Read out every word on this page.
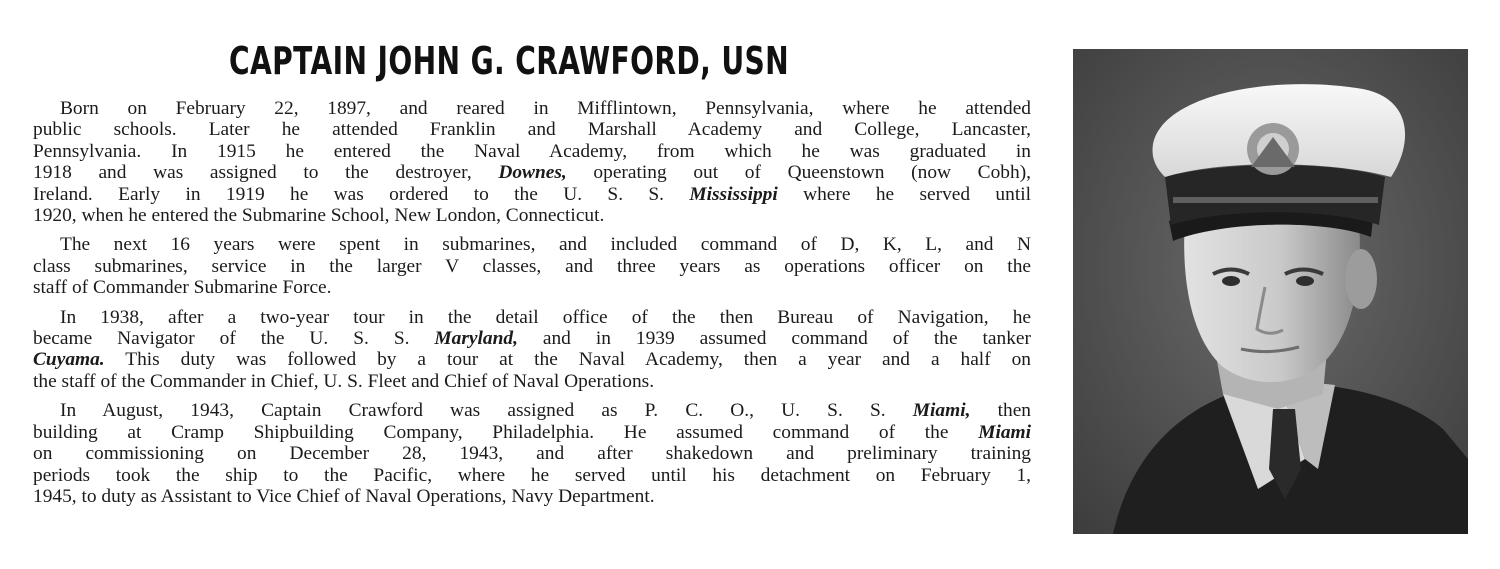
CAPTAIN JOHN G. CRAWFORD, USN
Born on February 22, 1897, and reared in Mifflintown, Pennsylvania, where he attended
public schools. Later he attended Franklin and Marshall Academy and College, Lancaster,
Pennsylvania. In 1915 he entered the Naval Academy, from which he was graduated in
1918 and was assigned to the destroyer, Downes, operating out of Queenstown (now Cobh),
Ireland. Early in 1919 he was ordered to the U. S. S. Mississippi where he served until
1920, when he entered the Submarine School, New London, Connecticut.
The next 16 years were spent in submarines, and included command of D, K, L, and N
class submarines, service in the larger V classes, and three years as operations officer on the
staff of Commander Submarine Force.
In 1938, after a two-year tour in the detail office of the then Bureau of Navigation, he
became Navigator of the U. S. S. Maryland, and in 1939 assumed command of the tanker
Cuyama. This duty was followed by a tour at the Naval Academy, then a year and a half on
the staff of the Commander in Chief, U. S. Fleet and Chief of Naval Operations.
In August, 1943, Captain Crawford was assigned as P. C. O., U. S. S. Miami, then
building at Cramp Shipbuilding Company, Philadelphia. He assumed command of the Miami
on commissioning on December 28, 1943, and after shakedown and preliminary training
periods took the ship to the Pacific, where he served until his detachment on February 1,
1945, to duty as Assistant to Vice Chief of Naval Operations, Navy Department.
